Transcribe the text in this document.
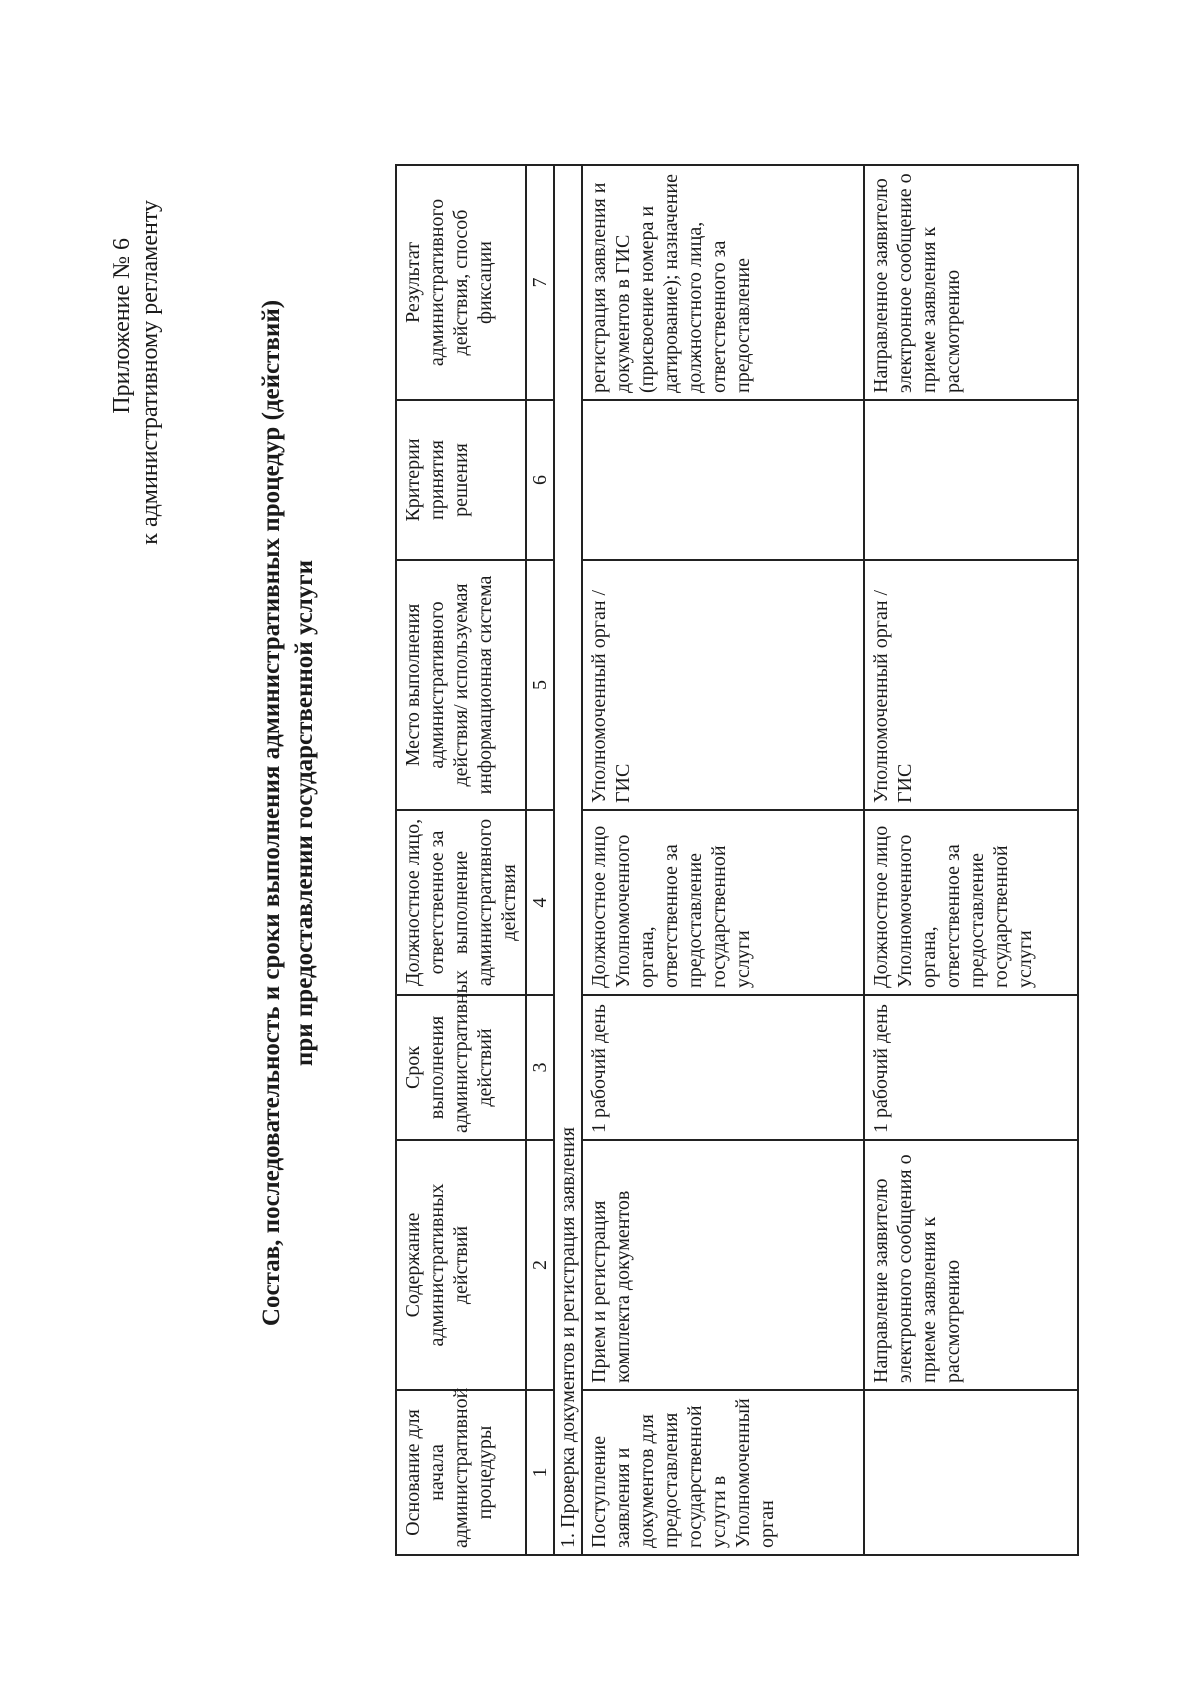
Приложение № 6 к административному регламенту	Состав, последовательность и сроки выполнения административных процедур (действий) при предоставлении государственной услуги
Основание для начала административной процедуры	Содержание административных действий	Срок выполнения административных действий	Должностное лицо, ответственное за выполнение административного действия	Место выполнения административного действия/ используемая информационная система	Критерии принятия решения	Результат административного действия, способ фиксации
1	2	3	4	5	6	7
1. Проверка документов и регистрация заявления						
Поступление заявления и документов для предоставления государственной услуги в Уполномоченный орган	Прием и регистрация комплекта документов	1 рабочий день	Должностное лицо Уполномоченного органа, ответственное за предоставление государственной услуги	Уполномоченный орган / ГИС		регистрация заявления и документов в ГИС (присвоение номера и датирование); назначение должностного лица, ответственного за предоставление
	Направление заявителю электронного сообщения о приеме заявления к рассмотрению	1 рабочий день	Должностное лицо Уполномоченного органа, ответственное за предоставление государственной услуги	Уполномоченный орган / ГИС		Направленное заявителю электронное сообщение о приеме заявления к рассмотрению
